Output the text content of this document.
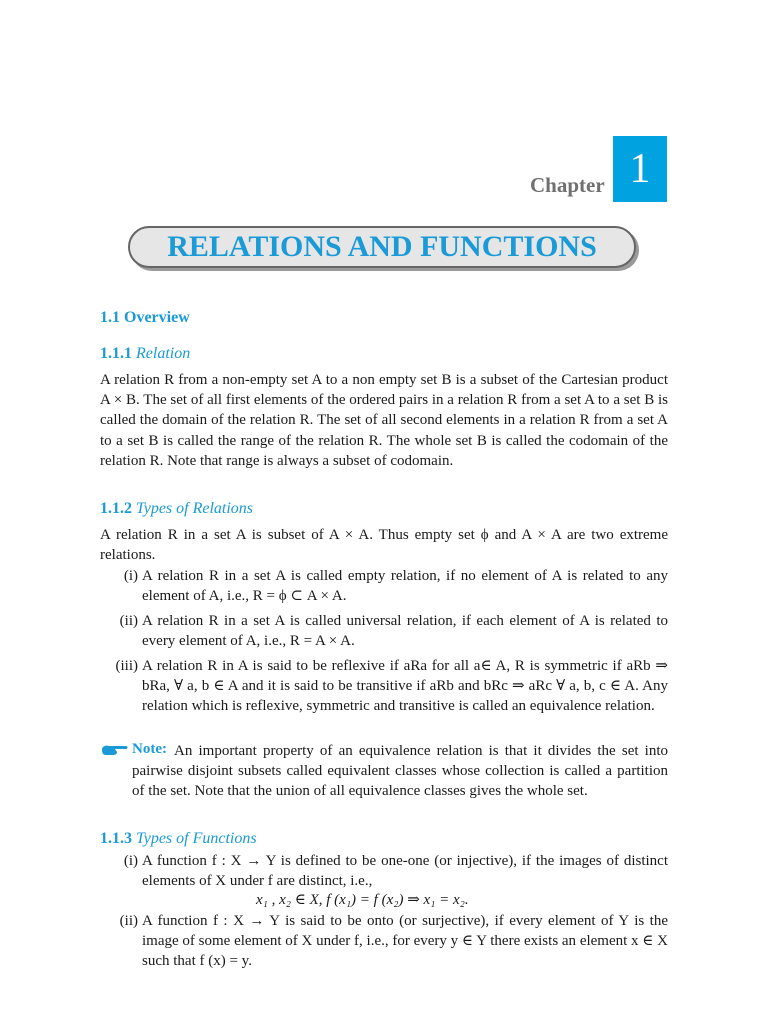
Chapter 1
RELATIONS AND FUNCTIONS
1.1 Overview
1.1.1 Relation
A relation R from a non-empty set A to a non empty set B is a subset of the Cartesian product A × B. The set of all first elements of the ordered pairs in a relation R from a set A to a set B is called the domain of the relation R. The set of all second elements in a relation R from a set A to a set B is called the range of the relation R. The whole set B is called the codomain of the relation R. Note that range is always a subset of codomain.
1.1.2 Types of Relations
A relation R in a set A is subset of A × A. Thus empty set ϕ and A × A are two extreme relations.
(i) A relation R in a set A is called empty relation, if no element of A is related to any element of A, i.e., R = ϕ ⊂ A × A.
(ii) A relation R in a set A is called universal relation, if each element of A is related to every element of A, i.e., R = A × A.
(iii) A relation R in A is said to be reflexive if aRa for all a∈ A, R is symmetric if aRb ⇒ bRa, ∀ a, b ∈ A and it is said to be transitive if aRb and bRc ⇒ aRc ∀ a, b, c ∈ A. Any relation which is reflexive, symmetric and transitive is called an equivalence relation.
Note: An important property of an equivalence relation is that it divides the set into pairwise disjoint subsets called equivalent classes whose collection is called a partition of the set. Note that the union of all equivalence classes gives the whole set.
1.1.3 Types of Functions
(i) A function f : X → Y is defined to be one-one (or injective), if the images of distinct elements of X under f are distinct, i.e.,
x₁ , x₂ ∈ X, f (x₁) = f (x₂) ⇒ x₁ = x₂.
(ii) A function f : X → Y is said to be onto (or surjective), if every element of Y is the image of some element of X under f, i.e., for every y ∈ Y there exists an element x ∈ X such that f (x) = y.
